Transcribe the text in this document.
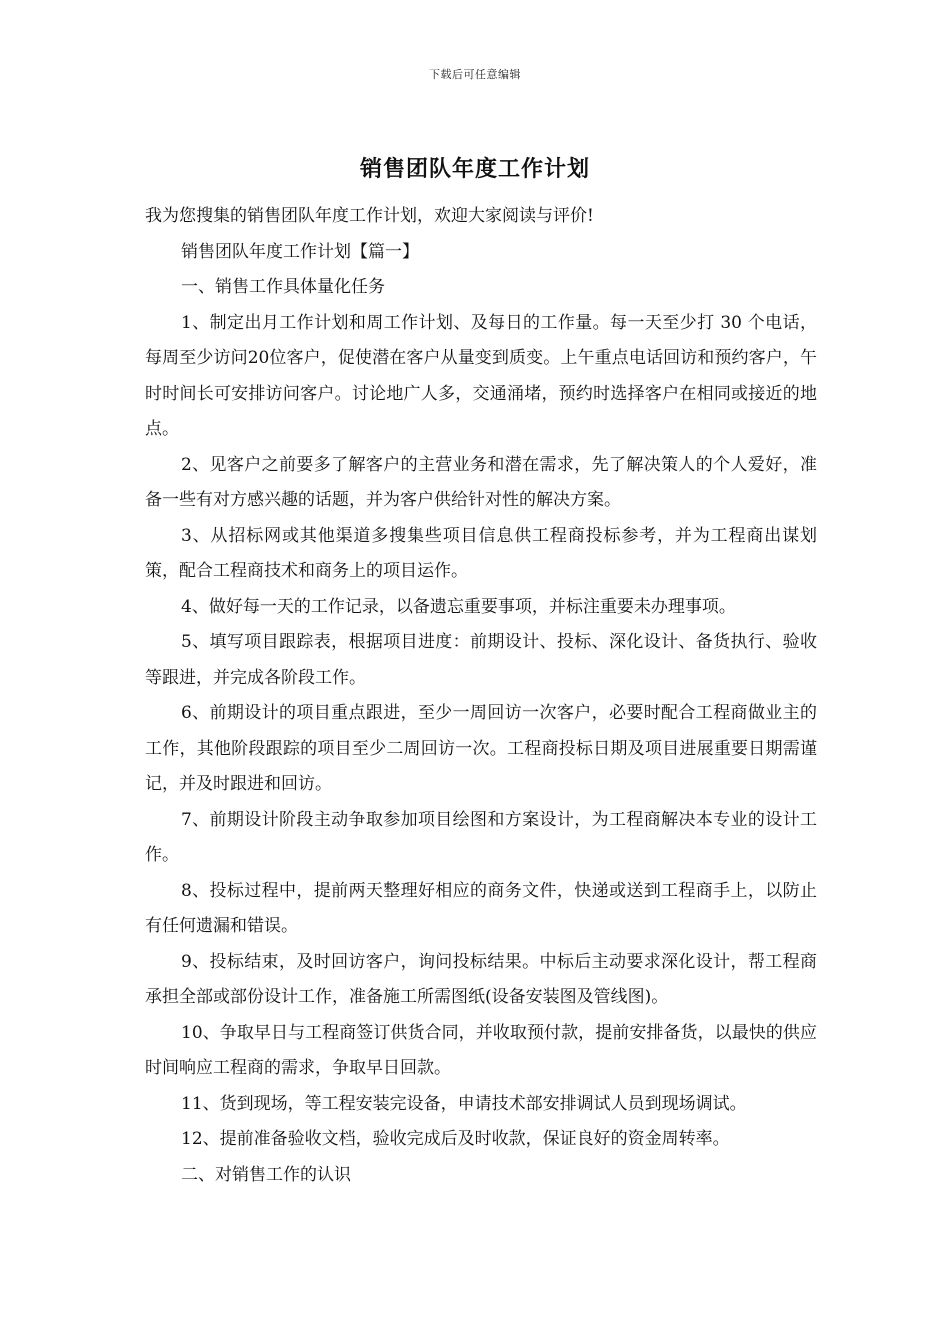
下载后可任意编辑
销售团队年度工作计划

我为您搜集的销售团队年度工作计划，欢迎大家阅读与评价!

销售团队年度工作计划【篇一】

一、销售工作具体量化任务

1、制定出月工作计划和周工作计划、及每日的工作量。每一天至少打 30 个电话，每周至少访问20位客户，促使潜在客户从量变到质变。上午重点电话回访和预约客户，午时时间长可安排访问客户。讨论地广人多，交通涌堵，预约时选择客户在相同或接近的地点。

2、见客户之前要多了解客户的主营业务和潜在需求，先了解决策人的个人爱好，准备一些有对方感兴趣的话题，并为客户供给针对性的解决方案。

3、从招标网或其他渠道多搜集些项目信息供工程商投标参考，并为工程商出谋划策，配合工程商技术和商务上的项目运作。

4、做好每一天的工作记录，以备遗忘重要事项，并标注重要未办理事项。

5、填写项目跟踪表，根据项目进度：前期设计、投标、深化设计、备货执行、验收等跟进，并完成各阶段工作。

6、前期设计的项目重点跟进，至少一周回访一次客户，必要时配合工程商做业主的工作，其他阶段跟踪的项目至少二周回访一次。工程商投标日期及项目进展重要日期需谨记，并及时跟进和回访。

7、前期设计阶段主动争取参加项目绘图和方案设计，为工程商解决本专业的设计工作。

8、投标过程中，提前两天整理好相应的商务文件，快递或送到工程商手上，以防止有任何遗漏和错误。

9、投标结束，及时回访客户，询问投标结果。中标后主动要求深化设计，帮工程商承担全部或部份设计工作，准备施工所需图纸(设备安装图及管线图)。

10、争取早日与工程商签订供货合同，并收取预付款，提前安排备货，以最快的供应时间响应工程商的需求，争取早日回款。

11、货到现场，等工程安装完设备，申请技术部安排调试人员到现场调试。

12、提前准备验收文档，验收完成后及时收款，保证良好的资金周转率。

二、对销售工作的认识
